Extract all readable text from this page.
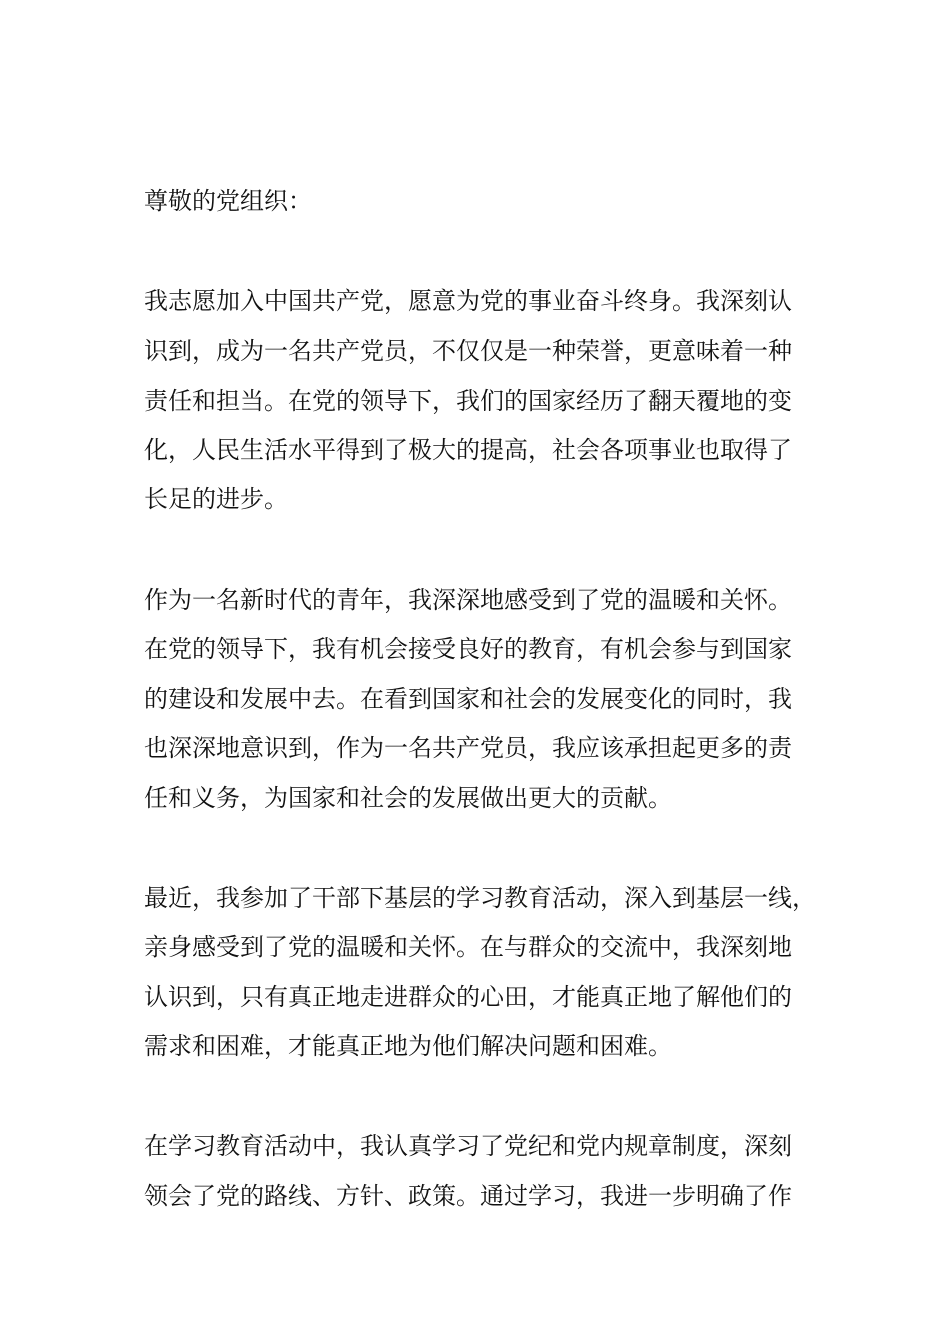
尊敬的党组织：
我志愿加入中国共产党，愿意为党的事业奋斗终身。我深刻认
识到，成为一名共产党员，不仅仅是一种荣誉，更意味着一种
责任和担当。在党的领导下，我们的国家经历了翻天覆地的变
化，人民生活水平得到了极大的提高，社会各项事业也取得了
长足的进步。
作为一名新时代的青年，我深深地感受到了党的温暖和关怀。
在党的领导下，我有机会接受良好的教育，有机会参与到国家
的建设和发展中去。在看到国家和社会的发展变化的同时，我
也深深地意识到，作为一名共产党员，我应该承担起更多的责
任和义务，为国家和社会的发展做出更大的贡献。
最近，我参加了干部下基层的学习教育活动，深入到基层一线，
亲身感受到了党的温暖和关怀。在与群众的交流中，我深刻地
认识到，只有真正地走进群众的心田，才能真正地了解他们的
需求和困难，才能真正地为他们解决问题和困难。
在学习教育活动中，我认真学习了党纪和党内规章制度，深刻
领会了党的路线、方针、政策。通过学习，我进一步明确了作
